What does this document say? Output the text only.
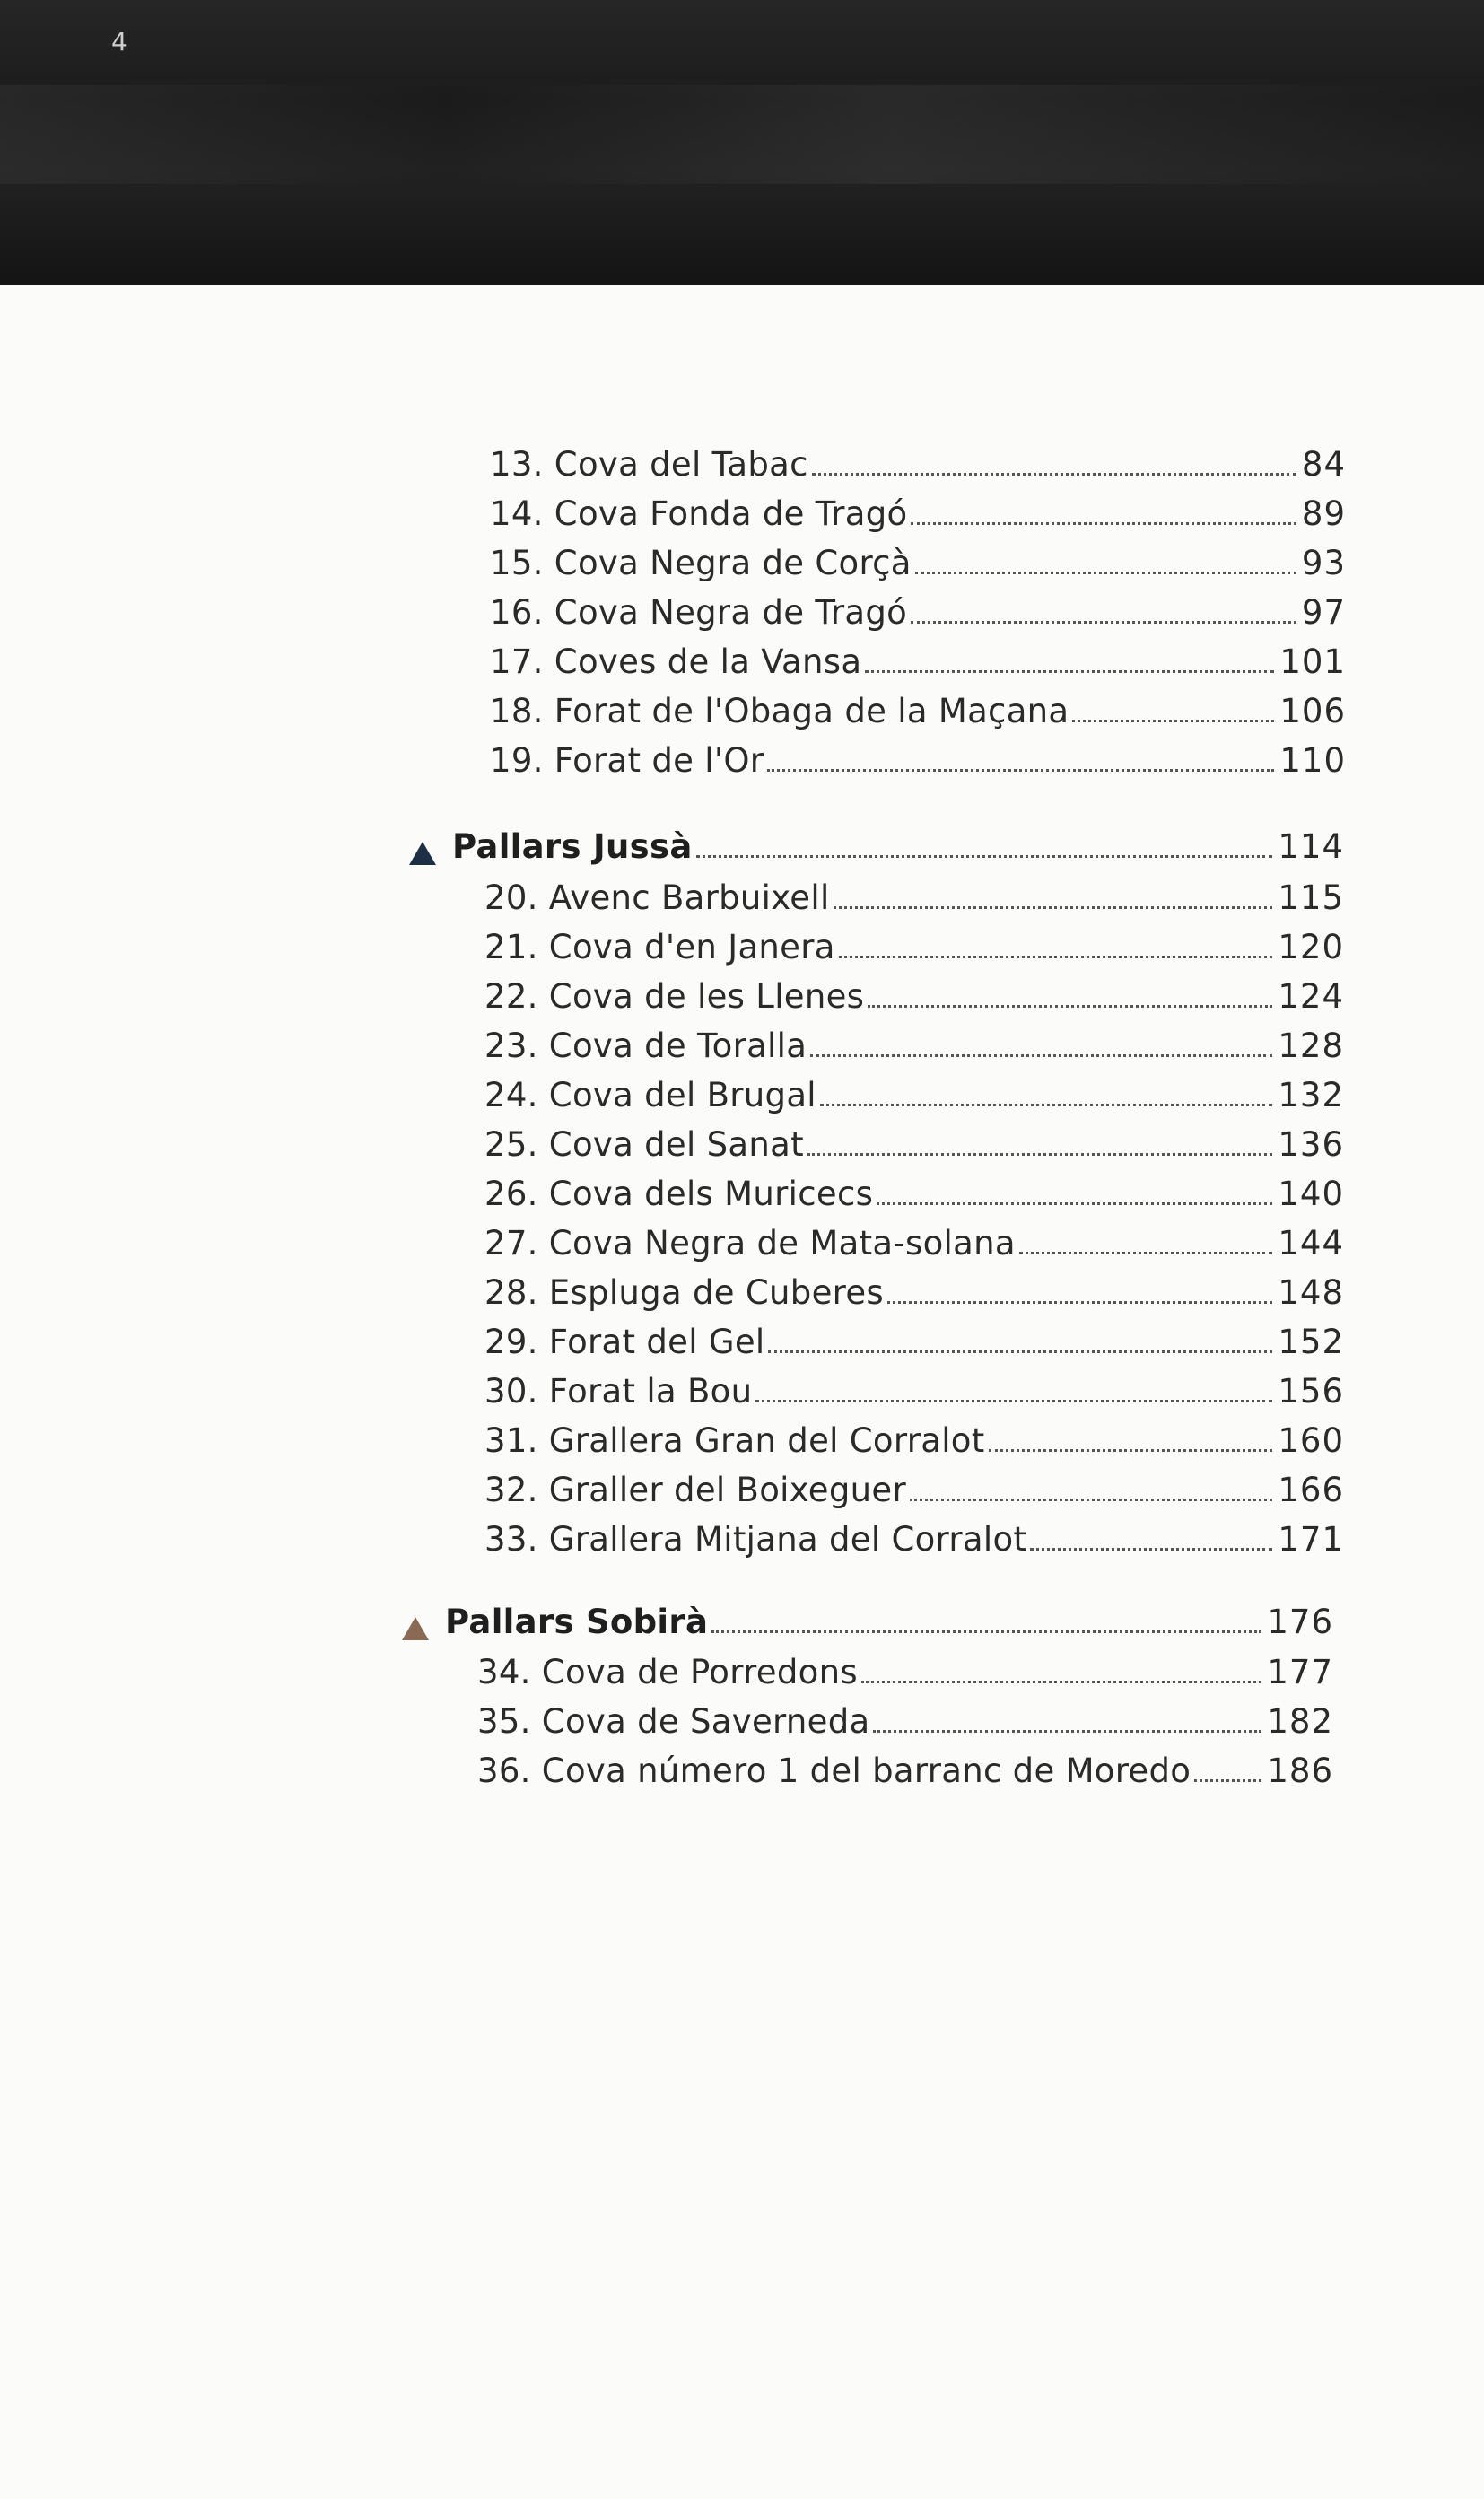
4
13. Cova del Tabac	84
14. Cova Fonda de Tragó	89
15. Cova Negra de Corçà	93
16. Cova Negra de Tragó	97
17. Coves de la Vansa	101
18. Forat de l'Obaga de la Maçana	106
19. Forat de l'Or	110
Pallars Jussà	114
20. Avenc Barbuixell	115
21. Cova d'en Janera	120
22. Cova de les Llenes	124
23. Cova de Toralla	128
24. Cova del Brugal	132
25. Cova del Sanat	136
26. Cova dels Muricecs	140
27. Cova Negra de Mata-solana	144
28. Espluga de Cuberes	148
29. Forat del Gel	152
30. Forat la Bou	156
31. Grallera Gran del Corralot	160
32. Graller del Boixeguer	166
33. Grallera Mitjana del Corralot	171
Pallars Sobirà	176
34. Cova de Porredons	177
35. Cova de Saverneda	182
36. Cova número 1 del barranc de Moredo 186
